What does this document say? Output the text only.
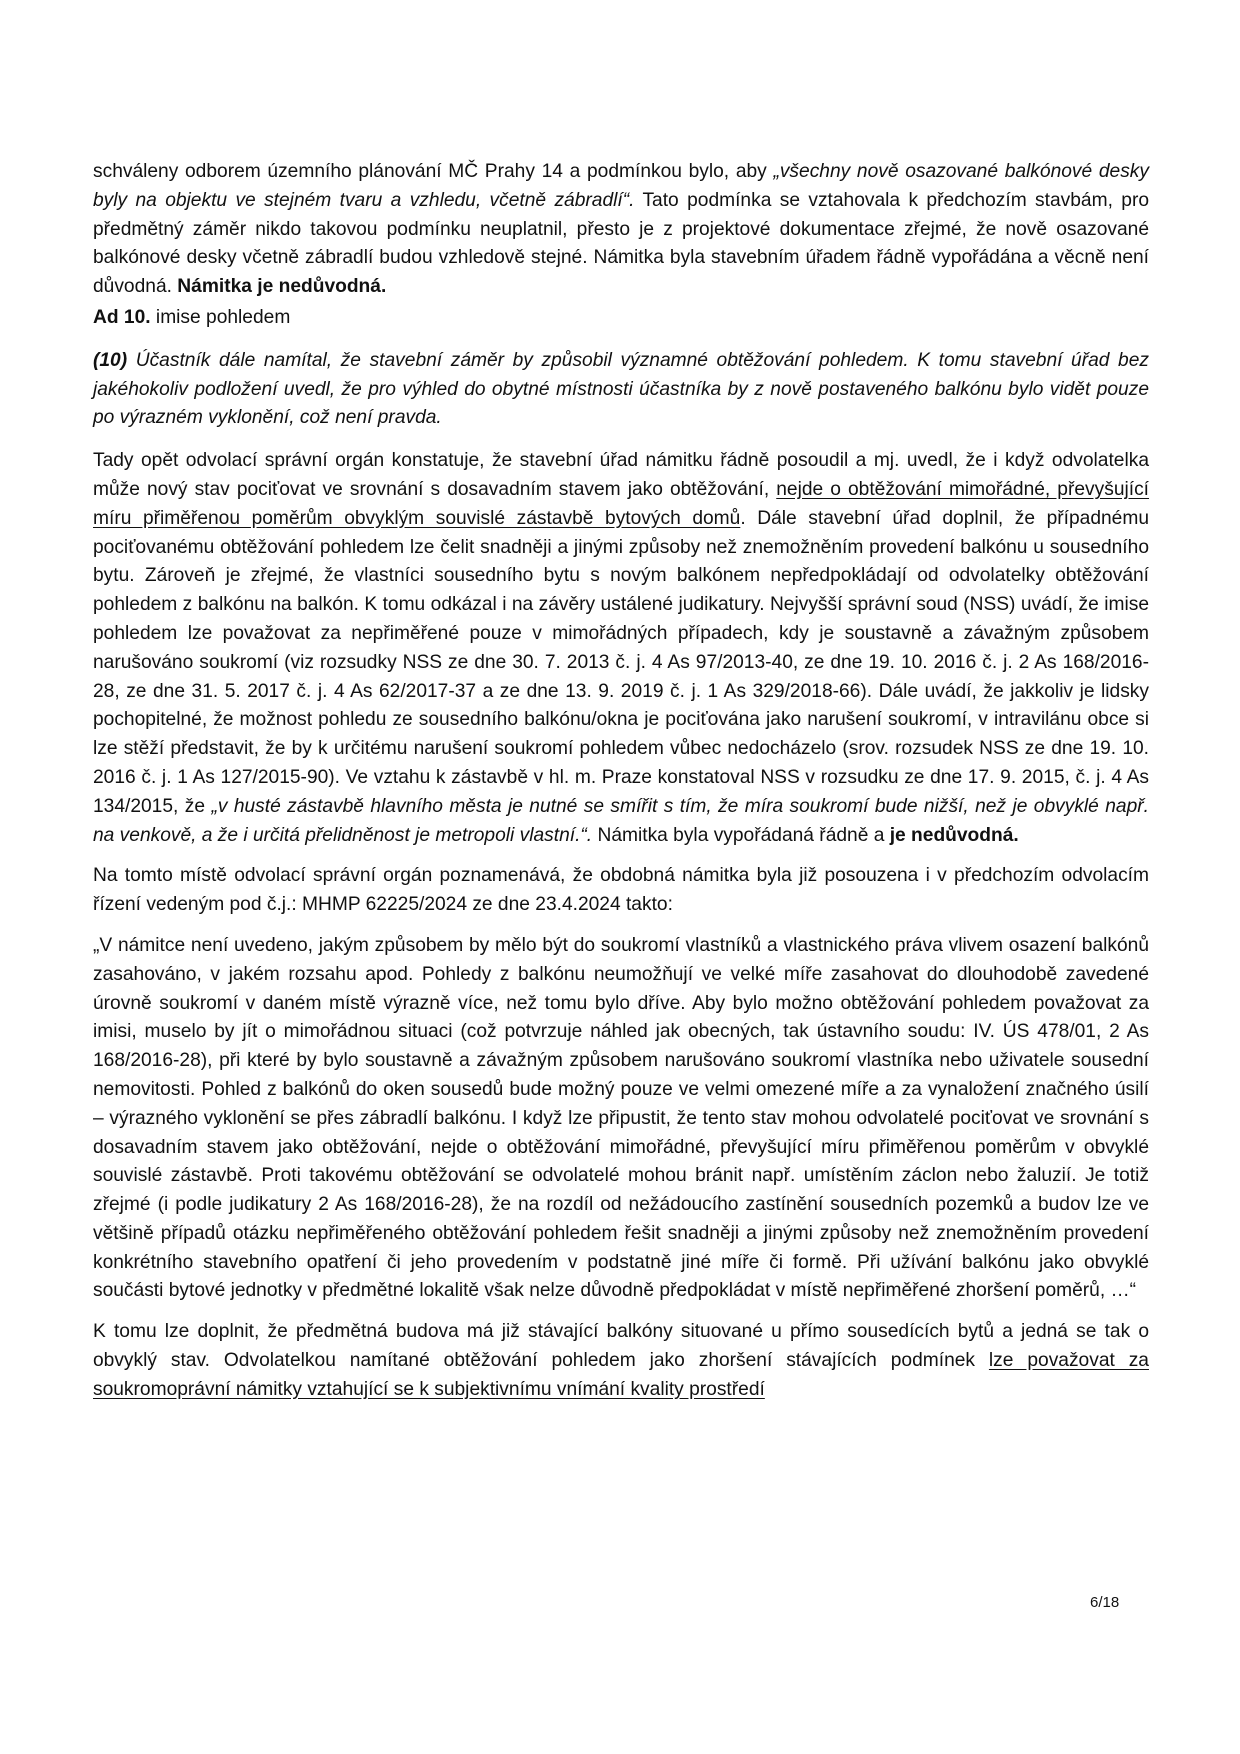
schváleny odborem územního plánování MČ Prahy 14 a podmínkou bylo, aby „všechny nově osazované balkónové desky byly na objektu ve stejném tvaru a vzhledu, včetně zábradlí“. Tato podmínka se vztahovala k předchozím stavbám, pro předmětný záměr nikdo takovou podmínku neuplatnil, přesto je z projektové dokumentace zřejmé, že nově osazované balkónové desky včetně zábradlí budou vzhledově stejné. Námitka byla stavebním úřadem řádně vypořádána a věcně není důvodná. Námitka je nedůvodná.

Ad 10. imise pohledem

(10) Účastník dále namítal, že stavební záměr by způsobil významné obtěžování pohledem. K tomu stavební úřad bez jakéhokoliv podložení uvedl, že pro výhled do obytné místnosti účastníka by z nově postaveného balkónu bylo vidět pouze po výrazném vyklonění, což není pravda.

Tady opět odvolací správní orgán konstatuje, že stavební úřad námitku řádně posoudil a mj. uvedl, že i když odvolatelka může nový stav pociťovat ve srovnání s dosavadním stavem jako obtěžování, nejde o obtěžování mimořádné, převyšující míru přiměřenou poměrům obvyklým souvislé zástavbě bytových domů. Dále stavební úřad doplnil, že případnému pociťovanému obtěžování pohledem lze čelit snadněji a jinými způsoby než znemožněním provedení balkónu u sousedního bytu. Zároveň je zřejmé, že vlastníci sousedního bytu s novým balkónem nepředpokládají od odvolatelky obtěžování pohledem z balkónu na balkón. K tomu odkázal i na závěry ustálené judikatury. Nejvyšší správní soud (NSS) uvádí, že imise pohledem lze považovat za nepřiměřené pouze v mimořádných případech, kdy je soustavně a závažným způsobem narušováno soukromí (viz rozsudky NSS ze dne 30. 7. 2013 č. j. 4 As 97/2013-40, ze dne 19. 10. 2016 č. j. 2 As 168/2016-28, ze dne 31. 5. 2017 č. j. 4 As 62/2017-37 a ze dne 13. 9. 2019 č. j. 1 As 329/2018-66). Dále uvádí, že jakkoliv je lidsky pochopitelné, že možnost pohledu ze sousedního balkónu/okna je pociťována jako narušení soukromí, v intravilánu obce si lze stěží představit, že by k určitému narušení soukromí pohledem vůbec nedocházelo (srov. rozsudek NSS ze dne 19. 10. 2016 č. j. 1 As 127/2015-90). Ve vztahu k zástavbě v hl. m. Praze konstatoval NSS v rozsudku ze dne 17. 9. 2015, č. j. 4 As 134/2015, že „v husté zástavbě hlavního města je nutné se smířit s tím, že míra soukromí bude nižší, než je obvyklé např. na venkově, a že i určitá přelidněnost je metropoli vlastní.“. Námitka byla vypořádaná řádně a je nedůvodná.

Na tomto místě odvolací správní orgán poznamenává, že obdobná námitka byla již posouzena i v předchozím odvolacím řízení vedeným pod č.j.: MHMP 62225/2024 ze dne 23.4.2024 takto:

„V námitce není uvedeno, jakým způsobem by mělo být do soukromí vlastníků a vlastnického práva vlivem osazení balkónů zasahováno, v jakém rozsahu apod. Pohledy z balkónu neumožňují ve velké míře zasahovat do dlouhodobě zavedené úrovně soukromí v daném místě výrazně více, než tomu bylo dříve. Aby bylo možno obtěžování pohledem považovat za imisi, muselo by jít o mimořádnou situaci (což potvrzuje náhled jak obecných, tak ústavního soudu: IV. ÚS 478/01, 2 As 168/2016-28), při které by bylo soustavně a závažným způsobem narušováno soukromí vlastníka nebo uživatele sousední nemovitosti. Pohled z balkónů do oken sousedů bude možný pouze ve velmi omezené míře a za vynaložení značného úsilí – výrazného vyklonění se přes zábradlí balkónu. I když lze připustit, že tento stav mohou odvolatelé pociťovat ve srovnání s dosavadním stavem jako obtěžování, nejde o obtěžování mimořádné, převyšující míru přiměřenou poměrům v obvyklé souvislé zástavbě. Proti takovému obtěžování se odvolatelé mohou bránit např. umístěním záclon nebo žaluzií. Je totiž zřejmé (i podle judikatury 2 As 168/2016-28), že na rozdíl od nežádoucího zastínění sousedních pozemků a budov lze ve většině případů otázku nepřiměřeného obtěžování pohledem řešit snadněji a jinými způsoby než znemožněním provedení konkrétního stavebního opatření či jeho provedením v podstatně jiné míře či formě. Při užívání balkónu jako obvyklé součásti bytové jednotky v předmětné lokalitě však nelze důvodně předpokládat v místě nepřiměřené zhoršení poměrů, …“

K tomu lze doplnit, že předmětná budova má již stávající balkóny situované u přímo sousedících bytů a jedná se tak o obvyklý stav. Odvolatelkou namítané obtěžování pohledem jako zhoršení stávajících podmínek lze považovat za soukromoprávní námitky vztahující se k subjektivnímu vnímání kvality prostředí

6/18
